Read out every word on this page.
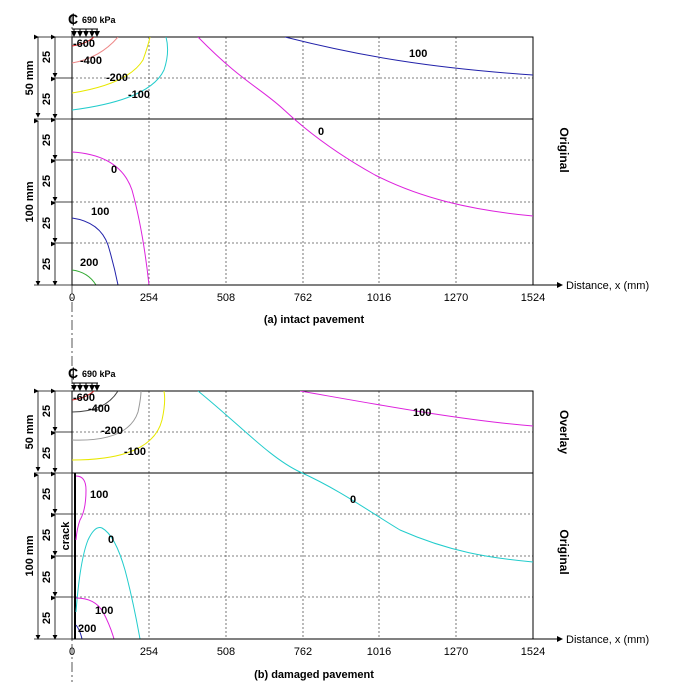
₵ 690 kPa
-600
-400
-200
-100
100
0
0
100
200
0	254	508	762	1016	1270	1524
Distance, x (mm)
(a) intact pavement
50 mm
100 mm
25
25
25
25
25
25
Original
₵ 690 kPa
-600
-400
-200
-100
100
0
100
0
100
200
crack
0	254	508	762	1016	1270	1524
Distance, x (mm)
(b) damaged pavement
50 mm
100 mm
25
25
25
25
25
25
Overlay
Original
